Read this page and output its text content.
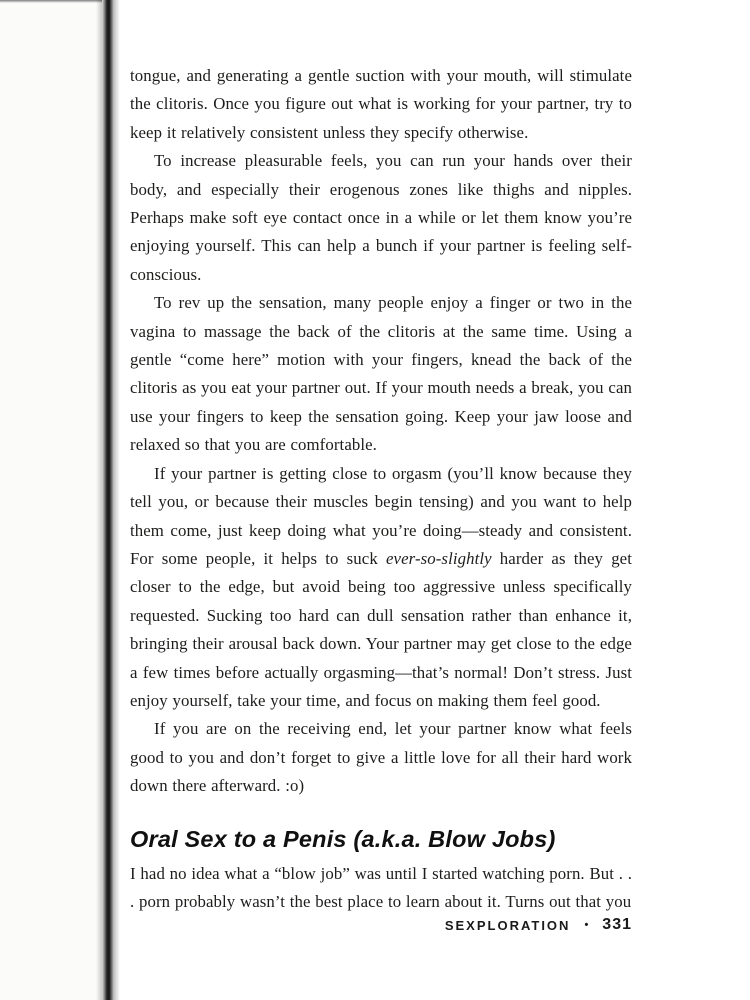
tongue, and generating a gentle suction with your mouth, will stimulate the clitoris. Once you figure out what is working for your partner, try to keep it relatively consistent unless they specify otherwise.

To increase pleasurable feels, you can run your hands over their body, and especially their erogenous zones like thighs and nipples. Perhaps make soft eye contact once in a while or let them know you’re enjoying yourself. This can help a bunch if your partner is feeling self-conscious.

To rev up the sensation, many people enjoy a finger or two in the vagina to massage the back of the clitoris at the same time. Using a gentle “come here” motion with your fingers, knead the back of the clitoris as you eat your partner out. If your mouth needs a break, you can use your fingers to keep the sensation going. Keep your jaw loose and relaxed so that you are comfortable.

If your partner is getting close to orgasm (you’ll know because they tell you, or because their muscles begin tensing) and you want to help them come, just keep doing what you’re doing—steady and consistent. For some people, it helps to suck ever-so-slightly harder as they get closer to the edge, but avoid being too aggressive unless specifically requested. Sucking too hard can dull sensation rather than enhance it, bringing their arousal back down. Your partner may get close to the edge a few times before actually orgasming—that’s normal! Don’t stress. Just enjoy yourself, take your time, and focus on making them feel good.

If you are on the receiving end, let your partner know what feels good to you and don’t forget to give a little love for all their hard work down there afterward. :o)

Oral Sex to a Penis (a.k.a. Blow Jobs)

I had no idea what a “blow job” was until I started watching porn. But . . . porn probably wasn’t the best place to learn about it. Turns out that you

SEXPLORATION • 331
